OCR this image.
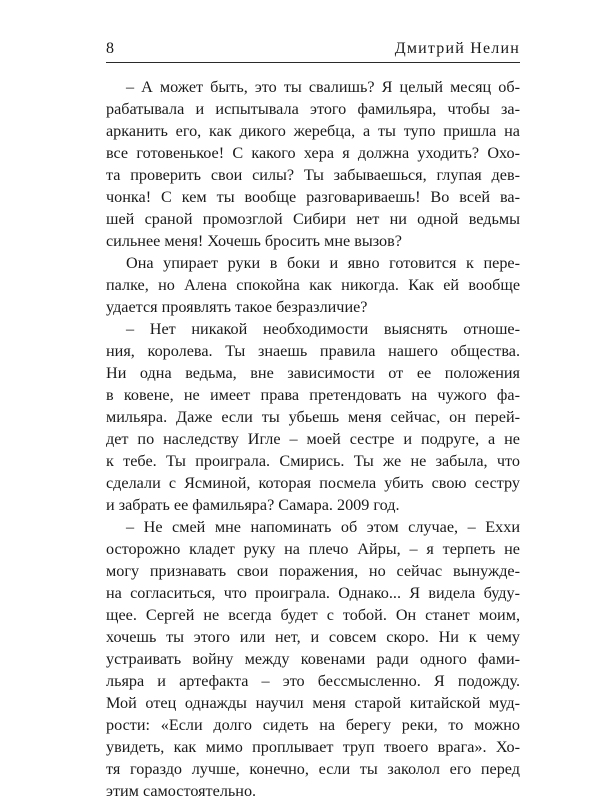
8	Дмитрий Нелин
– А может быть, это ты свалишь? Я целый месяц об-
рабатывала и испытывала этого фамильяра, чтобы за-
арканить его, как дикого жеребца, а ты тупо пришла на
все готовенькое! С какого хера я должна уходить? Охо-
та проверить свои силы? Ты забываешься, глупая дев-
чонка! С кем ты вообще разговариваешь! Во всей ва-
шей сраной промозглой Сибири нет ни одной ведьмы
сильнее меня! Хочешь бросить мне вызов?
Она упирает руки в боки и явно готовится к пере-
палке, но Алена спокойна как никогда. Как ей вообще
удается проявлять такое безразличие?
– Нет никакой необходимости выяснять отноше-
ния, королева. Ты знаешь правила нашего общества.
Ни одна ведьма, вне зависимости от ее положения
в ковене, не имеет права претендовать на чужого фа-
мильяра. Даже если ты убьешь меня сейчас, он перей-
дет по наследству Игле – моей сестре и подруге, а не
к тебе. Ты проиграла. Смирись. Ты же не забыла, что
сделали с Ясминой, которая посмела убить свою сестру
и забрать ее фамильяра? Самара. 2009 год.
– Не смей мне напоминать об этом случае, – Ехxи
осторожно кладет руку на плечо Айры, – я терпеть не
могу признавать свои поражения, но сейчас вынужде-
на согласиться, что проиграла. Однако... Я видела буду-
щее. Сергей не всегда будет с тобой. Он станет моим,
хочешь ты этого или нет, и совсем скоро. Ни к чему
устраивать войну между ковенами ради одного фами-
льяра и артефакта – это бессмысленно. Я подожду.
Мой отец однажды научил меня старой китайской муд-
рости: «Если долго сидеть на берегу реки, то можно
увидеть, как мимо проплывает труп твоего врага». Хо-
тя гораздо лучше, конечно, если ты заколол его перед
этим самостоятельно.
